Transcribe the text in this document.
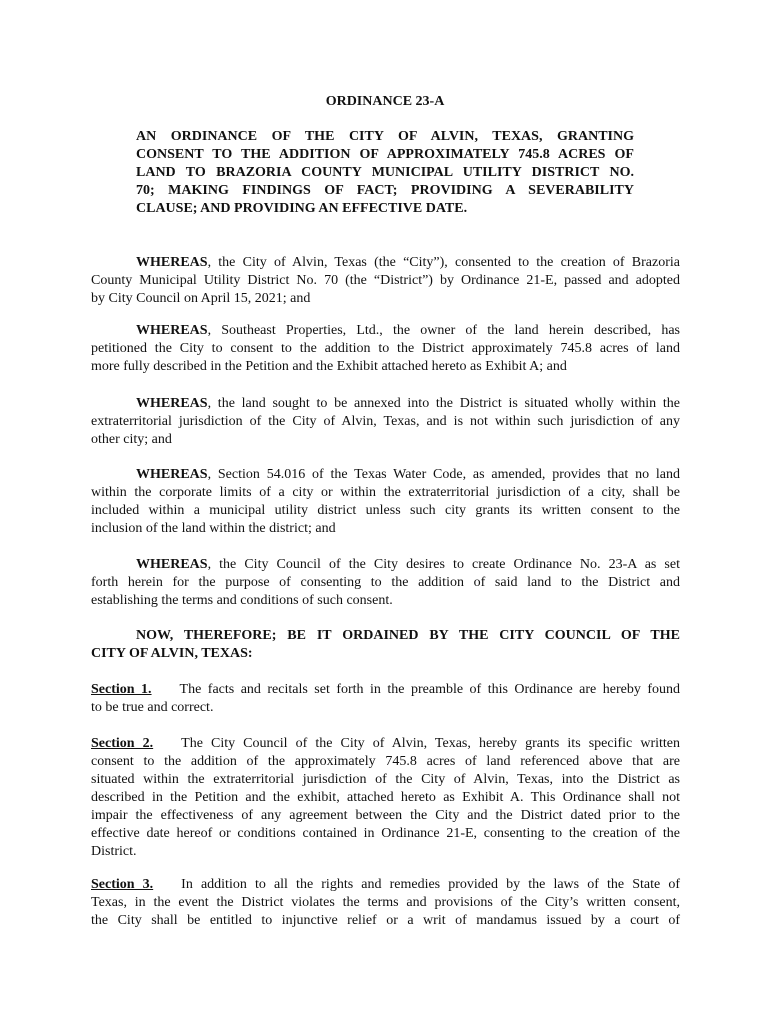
ORDINANCE 23-A
AN ORDINANCE OF THE CITY OF ALVIN, TEXAS, GRANTING
CONSENT TO THE ADDITION OF APPROXIMATELY 745.8 ACRES OF
LAND TO BRAZORIA COUNTY MUNICIPAL UTILITY DISTRICT NO.
70; MAKING FINDINGS OF FACT; PROVIDING A SEVERABILITY
CLAUSE; AND PROVIDING AN EFFECTIVE DATE.
WHEREAS, the City of Alvin, Texas (the “City”), consented to the creation of Brazoria
County Municipal Utility District No. 70 (the “District”) by Ordinance 21-E, passed and adopted
by City Council on April 15, 2021; and
WHEREAS, Southeast Properties, Ltd., the owner of the land herein described, has
petitioned the City to consent to the addition to the District approximately 745.8 acres of land
more fully described in the Petition and the Exhibit attached hereto as Exhibit A; and
WHEREAS, the land sought to be annexed into the District is situated wholly within the
extraterritorial jurisdiction of the City of Alvin, Texas, and is not within such jurisdiction of any
other city; and
WHEREAS, Section 54.016 of the Texas Water Code, as amended, provides that no land
within the corporate limits of a city or within the extraterritorial jurisdiction of a city, shall be
included within a municipal utility district unless such city grants its written consent to the
inclusion of the land within the district; and
WHEREAS, the City Council of the City desires to create Ordinance No. 23-A as set
forth herein for the purpose of consenting to the addition of said land to the District and
establishing the terms and conditions of such consent.
NOW, THEREFORE; BE IT ORDAINED BY THE CITY COUNCIL OF THE
CITY OF ALVIN, TEXAS:
Section 1. The facts and recitals set forth in the preamble of this Ordinance are hereby found
to be true and correct.
Section 2. The City Council of the City of Alvin, Texas, hereby grants its specific written
consent to the addition of the approximately 745.8 acres of land referenced above that are
situated within the extraterritorial jurisdiction of the City of Alvin, Texas, into the District as
described in the Petition and the exhibit, attached hereto as Exhibit A. This Ordinance shall not
impair the effectiveness of any agreement between the City and the District dated prior to the
effective date hereof or conditions contained in Ordinance 21-E, consenting to the creation of the
District.
Section 3. In addition to all the rights and remedies provided by the laws of the State of
Texas, in the event the District violates the terms and provisions of the City’s written consent,
the City shall be entitled to injunctive relief or a writ of mandamus issued by a court of
